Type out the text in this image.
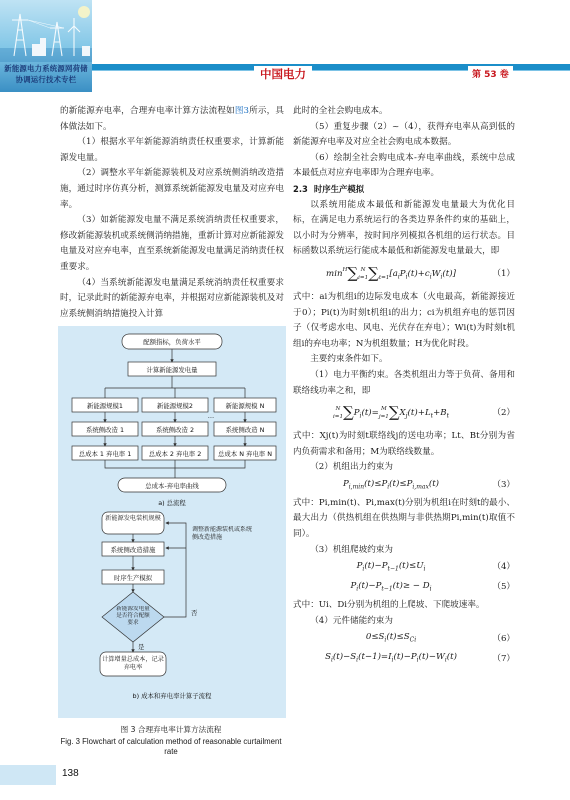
新能源电力系统源网荷储
协调运行技术专栏	中国电力	第 53 卷

的新能源弃电率，合理弃电率计算方法流程如图3所示，具体做法如下。

（1）根据水平年新能源消纳责任权重要求，计算新能源发电量。

（2）调整水平年新能源装机及对应系统侧消纳改造措施，通过时序仿真分析，测算系统新能源发电量及对应弃电率。

（3）如新能源发电量不满足系统消纳责任权重要求，修改新能源装机或系统侧消纳措施，重新计算对应新能源发电量及对应弃电率，直至系统新能源发电量满足消纳责任权重要求。

（4）当系统新能源发电量满足系统消纳责任权重要求时，记录此时的新能源弃电率，并根据对应新能源装机及对应系统侧消纳措施投入计算

配额指标，负荷水平
计算新能源发电量
新能源规模1	新能源规模2	新能源规模 N
…
系统侧改造 1	系统侧改造 2	系统侧改造 N
总成本 1 弃电率 1	总成本 2 弃电率 2	总成本 N 弃电率 N
总成本-弃电率曲线
a) 总流程
系统侧改造措施
时序生产模拟
否
是
b) 成本和弃电率计算子流程
新能源发电装机规模
新能源发电量是否符合配额要求
调整新能源装机或系统侧改造措施
计算增量总成本，记录弃电率
图 3 合理弃电率计算方法流程
Fig. 3 Flowchart of calculation method of reasonable curtailment rate

此时的全社会购电成本。

（5）重复步骤（2）~（4），获得弃电率从高到低的新能源弃电率及对应全社会购电成本数据。

（6）绘制全社会购电成本-弃电率曲线，系统中总成本最低点对应弃电率即为合理弃电率。

2.3 时序生产模拟

以系统用能成本最低和新能源发电量最大为优化目标，在满足电力系统运行的各类边界条件约束的基础上，以小时为分辨率，按时间序列模拟各机组的运行状态。目标函数以系统运行能成本最低和新能源发电量最大，即

minH
∑ N
i=1∑
$t=1[a_iP_i(t)+c_iW_i(t)]$	（1）

式中：ai为机组i的边际发电成本（火电最高，新能源接近于0）；Pi(t)为时刻t机组i的出力；ci为机组弃电的惩罚因子（仅考虑水电、风电、光伏存在弃电）；Wi(t)为时刻t机组i的弃电功率；N为机组数量；H为优化时段。

主要约束条件如下。

（1）电力平衡约束。各类机组出力等于负荷、备用和联络线功率之和，即

N
$i=1\sum P_i(t)= M$
$j=1\sum X_j(t)+L_t+B_t$	（2）

式中：Xj(t)为时刻t联络线j的送电功率；Lt、Bt分别为省内负荷需求和备用；M为联络线数量。

（2）机组出力约束为

$P_{i,min}(t)\le P_i(t)\le P_{i,max}(t)$	（3）

式中：Pi,min(t)、Pi,max(t)分别为机组i在时刻t的最小、最大出力（供热机组在供热期与非供热期Pi,min(t)取值不同）。

（3）机组爬坡约束为

$P_i(t)-P_{t-1}(t)\le U_i$	（4）
$P_i(t)-P_{t-1}(t)\ge - D_i$	（5）

式中：Ui、Di分别为机组的上爬坡、下爬坡速率。

（4）元件储能约束为

$0\le S_i(t)\le S_{Ci}$	（6）
$S_i(t)-S_i(t-1)=I_i(t)-P_i(t)-W_i(t)$	（7）
138
